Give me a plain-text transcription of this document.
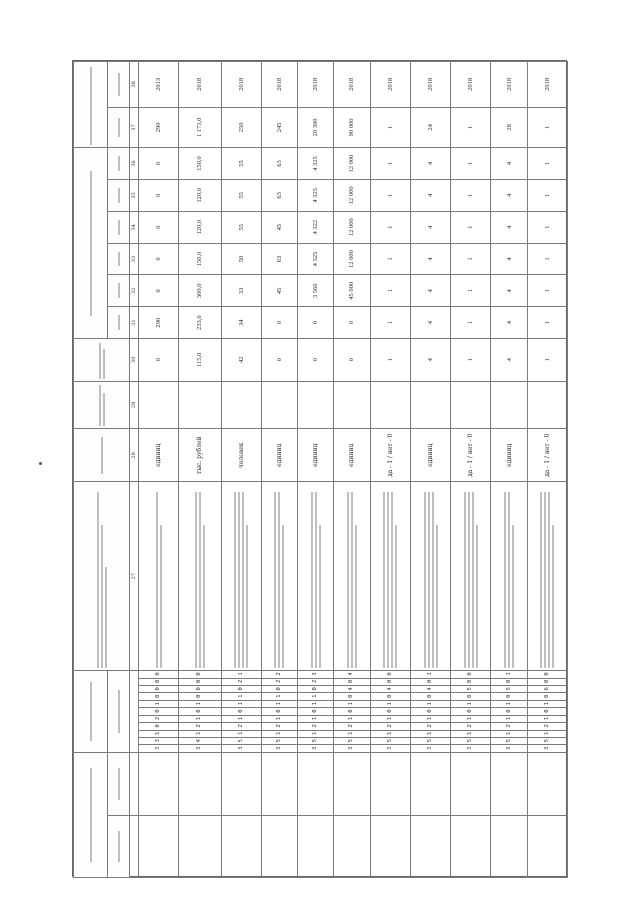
													27	28	29	30	31	32	33	34	35	36	37	38
		3	3	1	0	2	0	1	0	0	0	0		единиц		0	290	0	0	0	0	0	290	2013
		3	4	1	2	1	0	1	0	0	0	0		тыс. рублей		115,0	233,0	300,0	150,0	120,0	120,0	150,0	1 173,0	2018
		3	5	1	2	1	0	1	1	0	2	1		человек		42	34	33	50	55	55	55	250	2018
		3	5	1	2	1	0	1	1	0	2	2		единиц		0	0	45	63	45	63	63	245	2018
		3	5	1	2	1	0	1	1	0	2	3		единиц		0	0	3 560	4 325	4 322	4 325	4 325	20 390	2018
		3	5	1	2	1	0	1	0	4	0	4		единиц		0	0	45 000	12 000	12 000	12 000	12 000	90 000	2018
		3	5	1	2	1	0	1	0	4	0	0		да - 1 / нет - 0		1	1	1	1	1	1	1	1	2018
		3	5	1	2	1	0	1	0	4	0	1		единиц		4	4	4	4	4	4	4	24	2018
		3	5	1	2	1	0	1	0	5	0	0		да - 1 / нет - 0		1	1	1	1	1	1	1	1	2018
		3	5	1	2	1	0	1	0	5	0	1		единиц		4	4	4	4	4	4	4	28	2018
		3	5	1	2	1	0	1	0	6	0	0		да - 1 / нет - 0		1	1	1	1	1	1	1	1	2018
